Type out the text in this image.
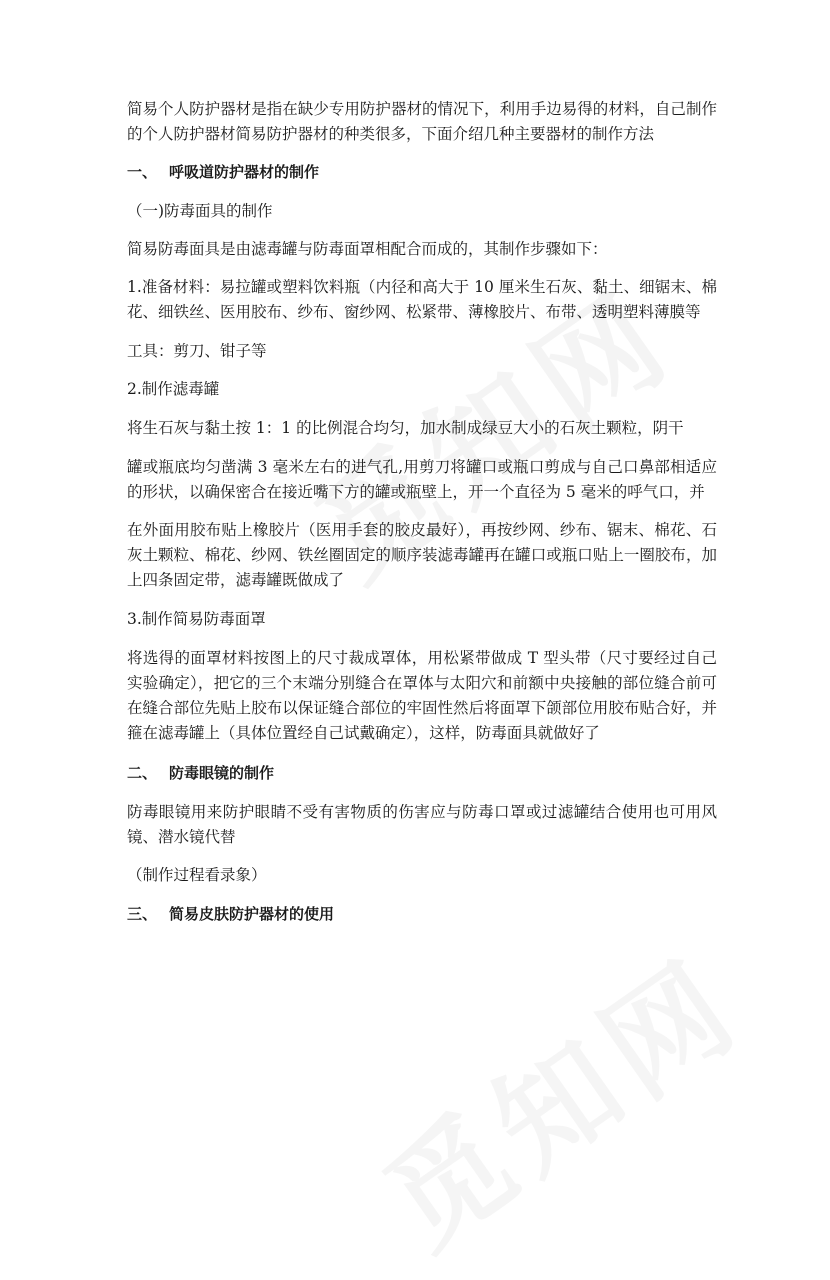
简易个人防护器材是指在缺少专用防护器材的情况下，利用手边易得的材料，自己制作的个人防护器材简易防护器材的种类很多，下面介绍几种主要器材的制作方法

一、 呼吸道防护器材的制作

（一)防毒面具的制作

简易防毒面具是由滤毒罐与防毒面罩相配合而成的，其制作步骤如下：

1.准备材料：易拉罐或塑料饮料瓶（内径和高大于 10 厘米生石灰、黏土、细锯末、棉花、细铁丝、医用胶布、纱布、窗纱网、松紧带、薄橡胶片、布带、透明塑料薄膜等

工具：剪刀、钳子等

2.制作滤毒罐

将生石灰与黏土按 1：1 的比例混合均匀，加水制成绿豆大小的石灰土颗粒，阴干

罐或瓶底均匀凿满 3 毫米左右的进气孔,用剪刀将罐口或瓶口剪成与自己口鼻部相适应的形状，以确保密合在接近嘴下方的罐或瓶壁上，开一个直径为 5 毫米的呼气口，并

在外面用胶布贴上橡胶片（医用手套的胶皮最好），再按纱网、纱布、锯末、棉花、石灰土颗粒、棉花、纱网、铁丝圈固定的顺序装滤毒罐再在罐口或瓶口贴上一圈胶布，加上四条固定带，滤毒罐既做成了

3.制作简易防毒面罩

将选得的面罩材料按图上的尺寸裁成罩体，用松紧带做成 T 型头带（尺寸要经过自己实验确定），把它的三个末端分别缝合在罩体与太阳穴和前额中央接触的部位缝合前可在缝合部位先贴上胶布以保证缝合部位的牢固性然后将面罩下颌部位用胶布贴合好，并箍在滤毒罐上（具体位置经自己试戴确定），这样，防毒面具就做好了

二、 防毒眼镜的制作

防毒眼镜用来防护眼睛不受有害物质的伤害应与防毒口罩或过滤罐结合使用也可用风镜、潜水镜代替

（制作过程看录象）

三、 简易皮肤防护器材的使用
